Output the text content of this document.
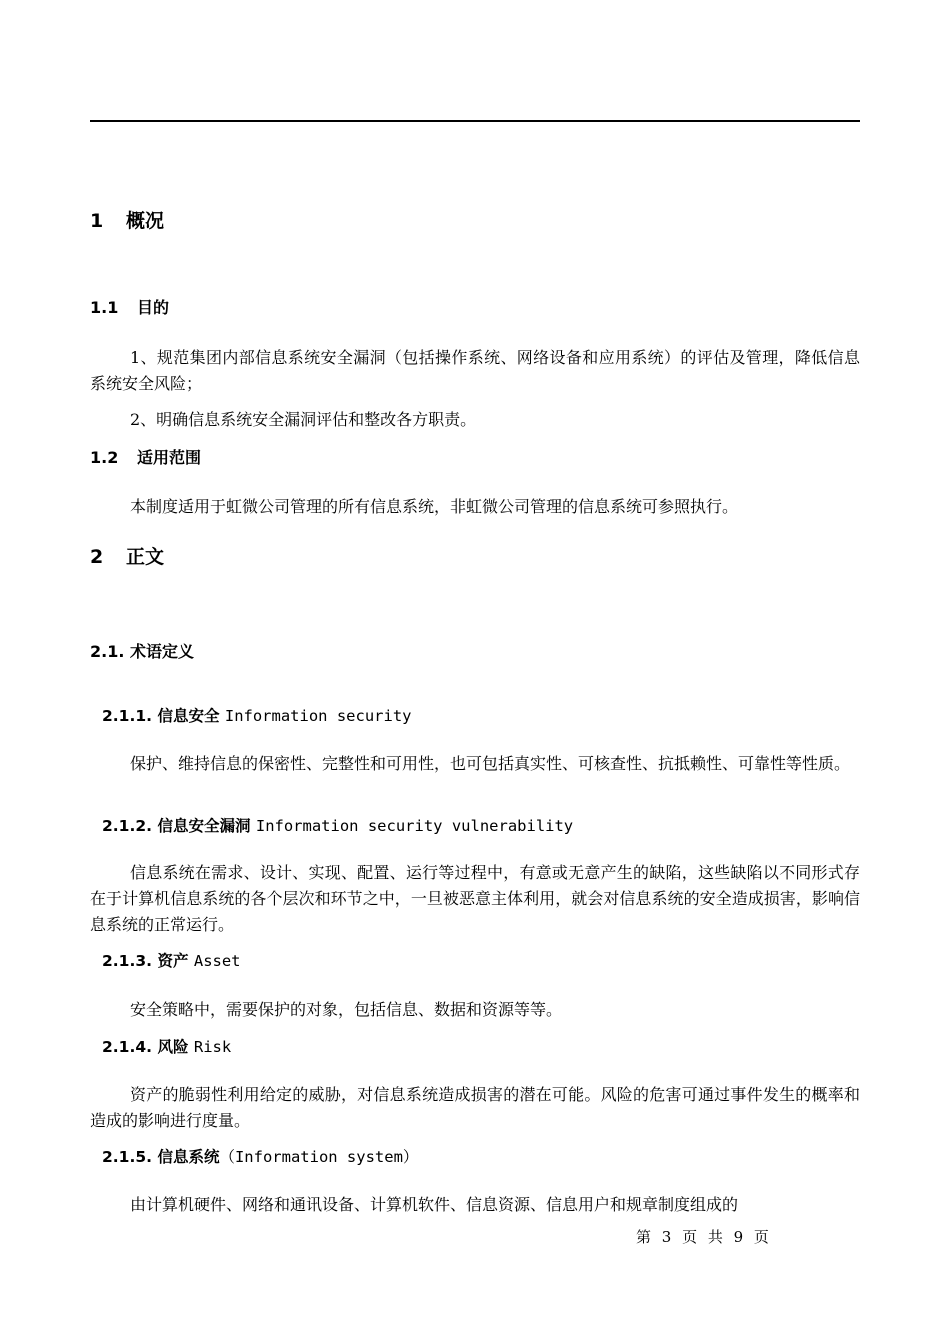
1 概况
1.1 目的
1、规范集团内部信息系统安全漏洞（包括操作系统、网络设备和应用系统）的评估及管理，降低信息系统安全风险；
2、明确信息系统安全漏洞评估和整改各方职责。
1.2 适用范围
本制度适用于虹微公司管理的所有信息系统，非虹微公司管理的信息系统可参照执行。
2 正文
2.1. 术语定义
2.1.1. 信息安全 Information security
保护、维持信息的保密性、完整性和可用性，也可包括真实性、可核查性、抗抵赖性、可靠性等性质。
2.1.2. 信息安全漏洞 Information security vulnerability
信息系统在需求、设计、实现、配置、运行等过程中，有意或无意产生的缺陷，这些缺陷以不同形式存在于计算机信息系统的各个层次和环节之中，一旦被恶意主体利用，就会对信息系统的安全造成损害，影响信息系统的正常运行。
2.1.3. 资产 Asset
安全策略中，需要保护的对象，包括信息、数据和资源等等。
2.1.4. 风险 Risk
资产的脆弱性利用给定的威胁，对信息系统造成损害的潜在可能。风险的危害可通过事件发生的概率和造成的影响进行度量。
2.1.5. 信息系统（Information system）
由计算机硬件、网络和通讯设备、计算机软件、信息资源、信息用户和规章制度组成的
第 3 页 共 9 页
